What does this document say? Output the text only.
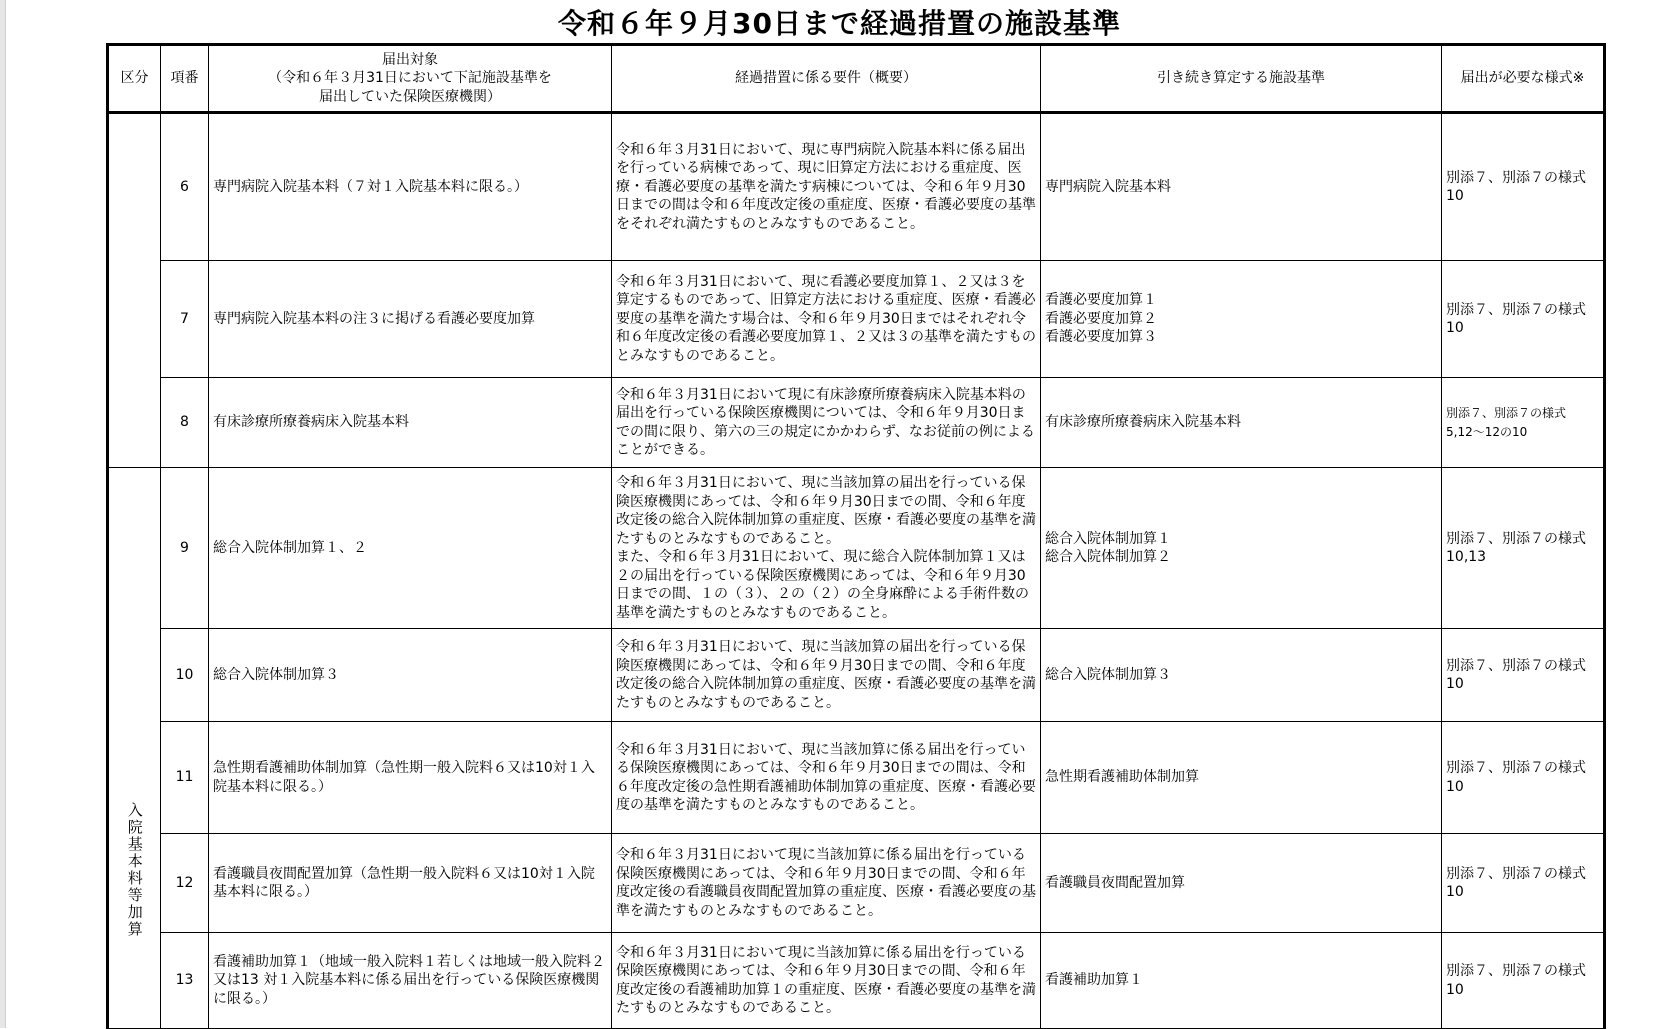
令和６年９月30日まで経過措置の施設基準
区分	項番	届出対象
（令和６年３月31日において下記施設基準を
届出していた保険医療機関）	経過措置に係る要件（概要）	引き続き算定する施設基準	届出が必要な様式※
	6	専門病院入院基本料（７対１入院基本料に限る。）	令和６年３月31日において、現に専門病院入院基本料に係る届出を行っている病棟であって、現に旧算定方法における重症度、医療・看護必要度の基準を満たす病棟については、令和６年９月30日までの間は令和６年度改定後の重症度、医療・看護必要度の基準をそれぞれ満たすものとみなすものであること。	専門病院入院基本料	別添７、別添７の様式
10
	7	専門病院入院基本料の注３に掲げる看護必要度加算	令和６年３月31日において、現に看護必要度加算１、２又は３を算定するものであって、旧算定方法における重症度、医療・看護必要度の基準を満たす場合は、令和６年９月30日まではそれぞれ令和６年度改定後の看護必要度加算１、２又は３の基準を満たすものとみなすものであること。	看護必要度加算１
看護必要度加算２
看護必要度加算３	別添７、別添７の様式
10
	8	有床診療所療養病床入院基本料	令和６年３月31日において現に有床診療所療養病床入院基本料の届出を行っている保険医療機関については、令和６年９月30日までの間に限り、第六の三の規定にかかわらず、なお従前の例によることができる。	有床診療所療養病床入院基本料	別添７、別添７の様式
5,12～12の10
入院基本料等加算	9	総合入院体制加算１、２	令和６年３月31日において、現に当該加算の届出を行っている保険医療機関にあっては、令和６年９月30日までの間、令和６年度改定後の総合入院体制加算の重症度、医療・看護必要度の基準を満たすものとみなすものであること。
また、令和６年３月31日において、現に総合入院体制加算１又は２の届出を行っている保険医療機関にあっては、令和６年９月30日までの間、１の（３）、２の（２）の全身麻酔による手術件数の基準を満たすものとみなすものであること。	総合入院体制加算１
総合入院体制加算２	別添７、別添７の様式
10,13
	10	総合入院体制加算３	令和６年３月31日において、現に当該加算の届出を行っている保険医療機関にあっては、令和６年９月30日までの間、令和６年度改定後の総合入院体制加算の重症度、医療・看護必要度の基準を満たすものとみなすものであること。	総合入院体制加算３	別添７、別添７の様式
10
	11	急性期看護補助体制加算（急性期一般入院料６又は10対１入院基本料に限る。）	令和６年３月31日において、現に当該加算に係る届出を行っている保険医療機関にあっては、令和６年９月30日までの間は、令和６年度改定後の急性期看護補助体制加算の重症度、医療・看護必要度の基準を満たすものとみなすものであること。	急性期看護補助体制加算	別添７、別添７の様式
10
	12	看護職員夜間配置加算（急性期一般入院料６又は10対１入院基本料に限る。）	令和６年３月31日において現に当該加算に係る届出を行っている保険医療機関にあっては、令和６年９月30日までの間、令和６年度改定後の看護職員夜間配置加算の重症度、医療・看護必要度の基準を満たすものとみなすものであること。	看護職員夜間配置加算	別添７、別添７の様式
10
	13	看護補助加算１（地域一般入院料１若しくは地域一般入院料２又は13 対１入院基本料に係る届出を行っている保険医療機関に限る。）	令和６年３月31日において現に当該加算に係る届出を行っている保険医療機関にあっては、令和６年９月30日までの間、令和６年度改定後の看護補助加算１の重症度、医療・看護必要度の基準を満たすものとみなすものであること。	看護補助加算１	別添７、別添７の様式
10
